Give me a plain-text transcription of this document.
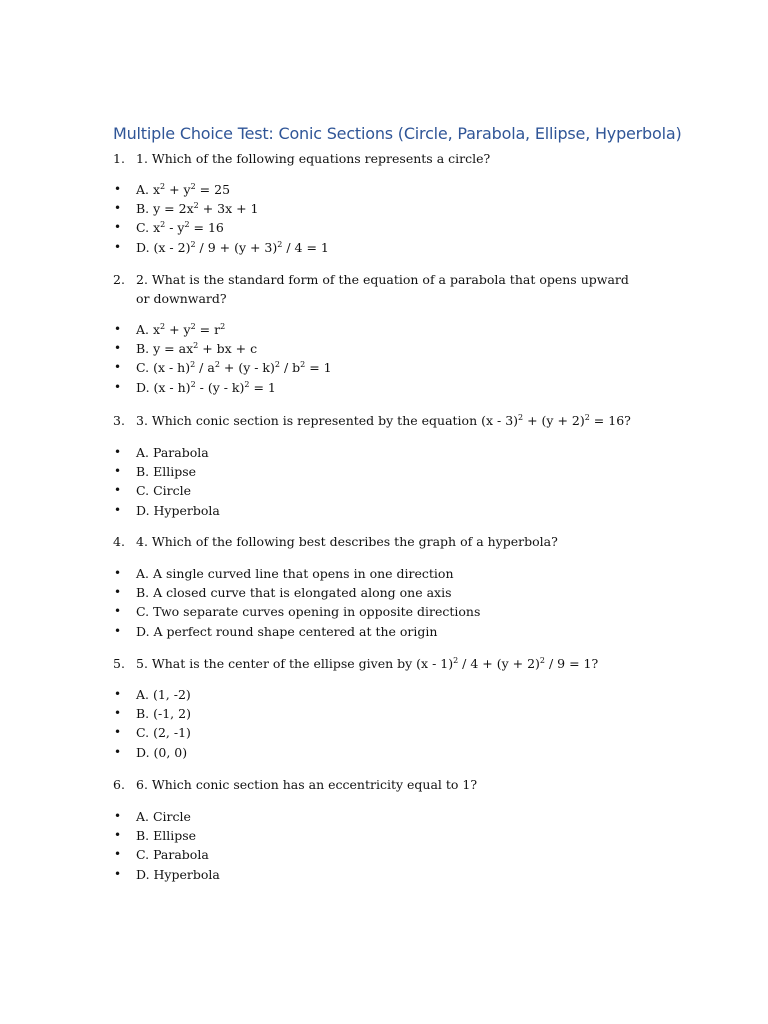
Multiple Choice Test: Conic Sections (Circle, Parabola, Ellipse, Hyperbola)
1. 1. Which of the following equations represents a circle?
• A. $x^2 + y^2 = 25$
• B. $y = 2x^2 + 3x + 1$
• C. $x^2 - y^2 = 16$
• D. $(x - 2)^2 / 9 + (y + 3)^2 / 4 = 1$
2. 2. What is the standard form of the equation of a parabola that opens upward or downward?
• A. $x^2 + y^2 = r^2$
• B. $y = ax^2$ + bx + c
• C. $(x - h)^2 / a^2 + (y - k)^2 / b^2 = 1$
• D. (x - h)$^2$ - (y - k)$^2$ = 1
3. 3. Which conic section is represented by the equation $(x - 3)^2 + (y + 2)^2 = 16$?
• A. Parabola
• B. Ellipse
• C. Circle
• D. Hyperbola
4. 4. Which of the following best describes the graph of a hyperbola?
• A. A single curved line that opens in one direction
• B. A closed curve that is elongated along one axis
• C. Two separate curves opening in opposite directions
• D. A perfect round shape centered at the origin
5. 5. What is the center of the ellipse given by $(x - 1)^2 / 4 + (y + 2)^2 / 9 = 1$?
• A. (1, -2)
• B. (-1, 2)
• C. (2, -1)
• D. (0, 0)
6. 6. Which conic section has an eccentricity equal to 1?
• A. Circle
• B. Ellipse
• C. Parabola
• D. Hyperbola
